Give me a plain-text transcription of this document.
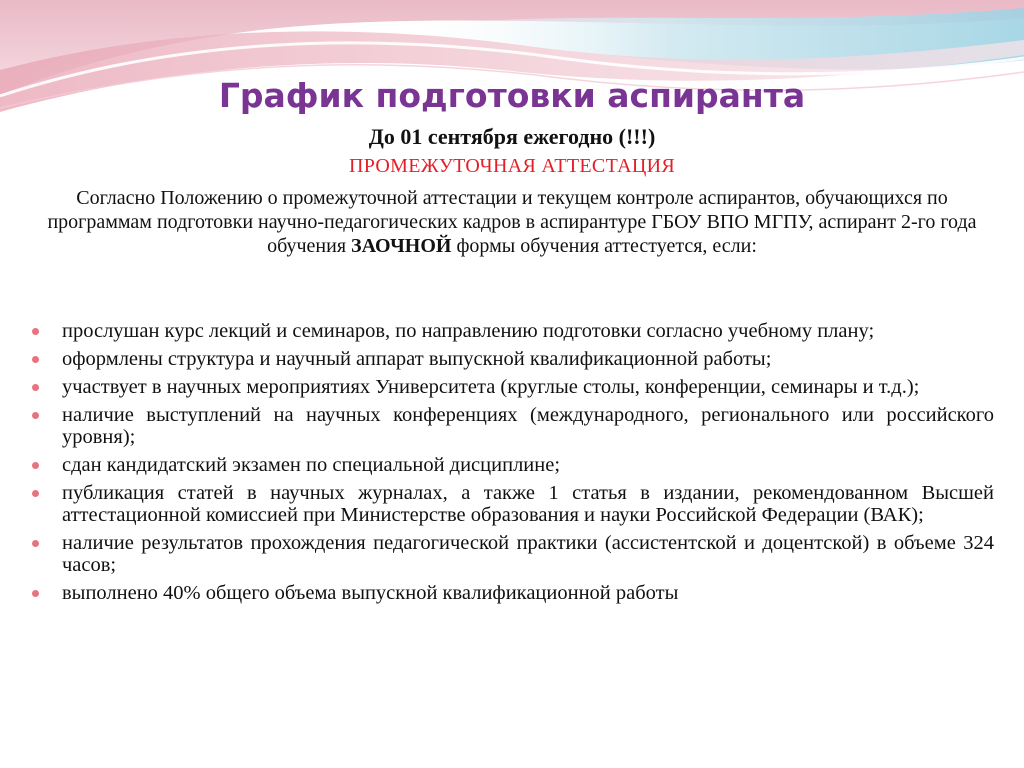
График подготовки аспиранта
До 01 сентября ежегодно (!!!)
ПРОМЕЖУТОЧНАЯ АТТЕСТАЦИЯ
Согласно Положению о промежуточной аттестации и текущем контроле аспирантов, обучающихся по программам подготовки научно-педагогических кадров в аспирантуре ГБОУ ВПО МГПУ, аспирант 2-го года обучения ЗАОЧНОЙ формы обучения аттестуется, если:
прослушан курс лекций и семинаров, по направлению подготовки согласно учебному плану;
оформлены структура и научный аппарат выпускной квалификационной работы;
участвует в научных мероприятиях Университета (круглые столы, конференции, семинары и т.д.);
наличие выступлений на научных конференциях (международного, регионального или российского уровня);
сдан кандидатский экзамен по специальной дисциплине;
публикация статей в научных журналах, а также 1 статья в издании, рекомендованном Высшей аттестационной комиссией при Министерстве образования и науки Российской Федерации (ВАК);
наличие результатов прохождения педагогической практики (ассистентской и доцентской) в объеме 324 часов;
выполнено 40% общего объема выпускной квалификационной работы
